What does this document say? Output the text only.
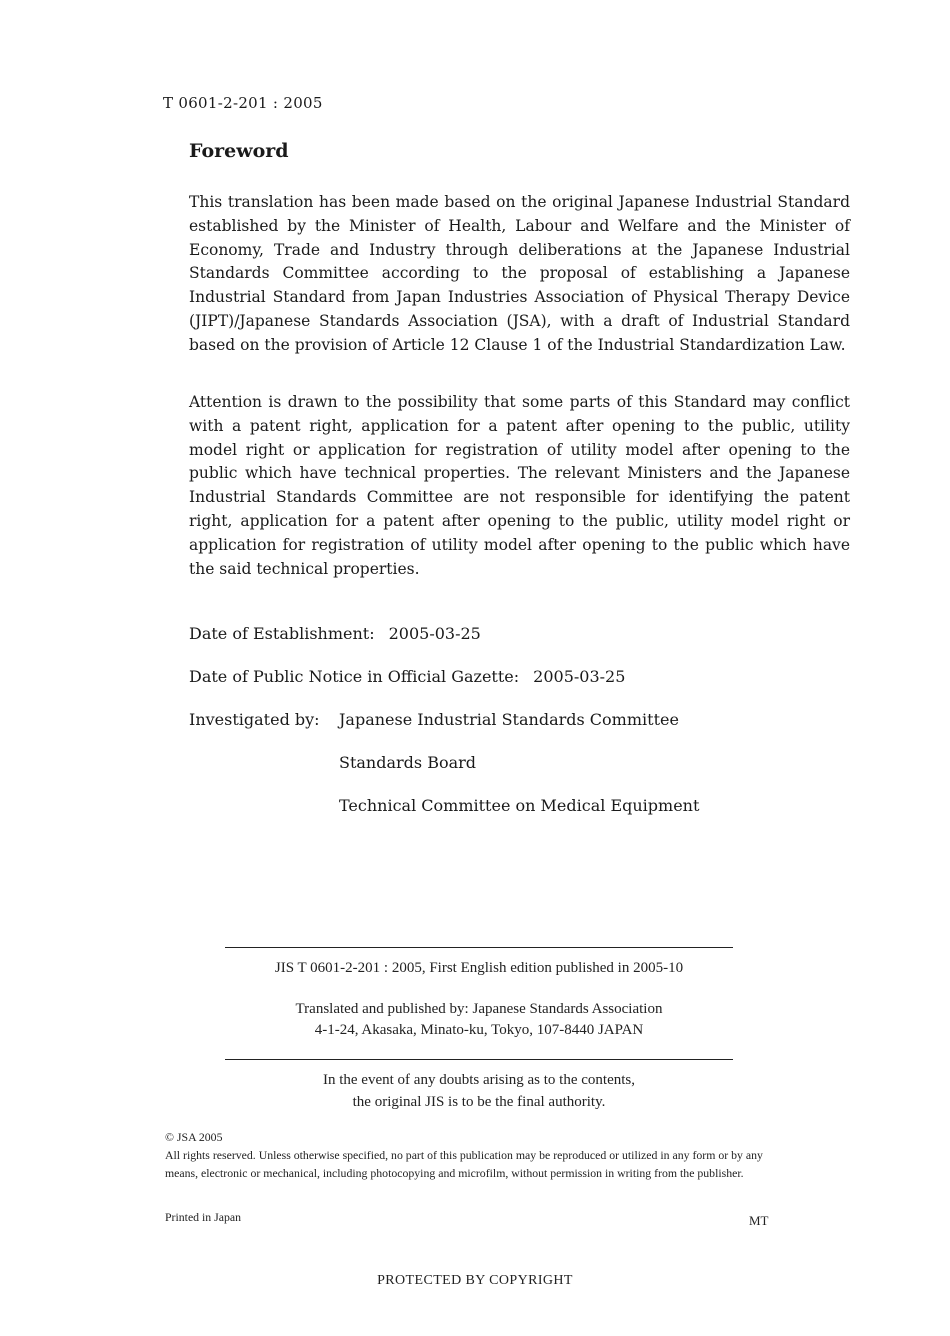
T 0601-2-201 : 2005
Foreword

This translation has been made based on the original Japanese Industrial Standard established by the Minister of Health, Labour and Welfare and the Minister of Economy, Trade and Industry through deliberations at the Japanese Industrial Standards Committee according to the proposal of establishing a Japanese Industrial Standard from Japan Industries Association of Physical Therapy Device (JIPT)/Japanese Standards Association (JSA), with a draft of Industrial Standard based on the provision of Article 12 Clause 1 of the Industrial Standardization Law.

Attention is drawn to the possibility that some parts of this Standard may conflict with a patent right, application for a patent after opening to the public, utility model right or application for registration of utility model after opening to the public which have technical properties. The relevant Ministers and the Japanese Industrial Standards Committee are not responsible for identifying the patent right, application for a patent after opening to the public, utility model right or application for registration of utility model after opening to the public which have the said technical properties.

Date of Establishment: 2005-03-25
Date of Public Notice in Official Gazette: 2005-03-25
Investigated by: Japanese Industrial Standards Committee
Standards Board
Technical Committee on Medical Equipment
JIS T 0601-2-201 : 2005, First English edition published in 2005-10
Translated and published by: Japanese Standards Association
4-1-24, Akasaka, Minato-ku, Tokyo, 107-8440 JAPAN
In the event of any doubts arising as to the contents,
the original JIS is to be the final authority.
© JSA 2005
All rights reserved. Unless otherwise specified, no part of this publication may be reproduced or utilized in any form or by any means, electronic or mechanical, including photocopying and microfilm, without permission in writing from the publisher.
Printed in Japan	MT
PROTECTED BY COPYRIGHT
